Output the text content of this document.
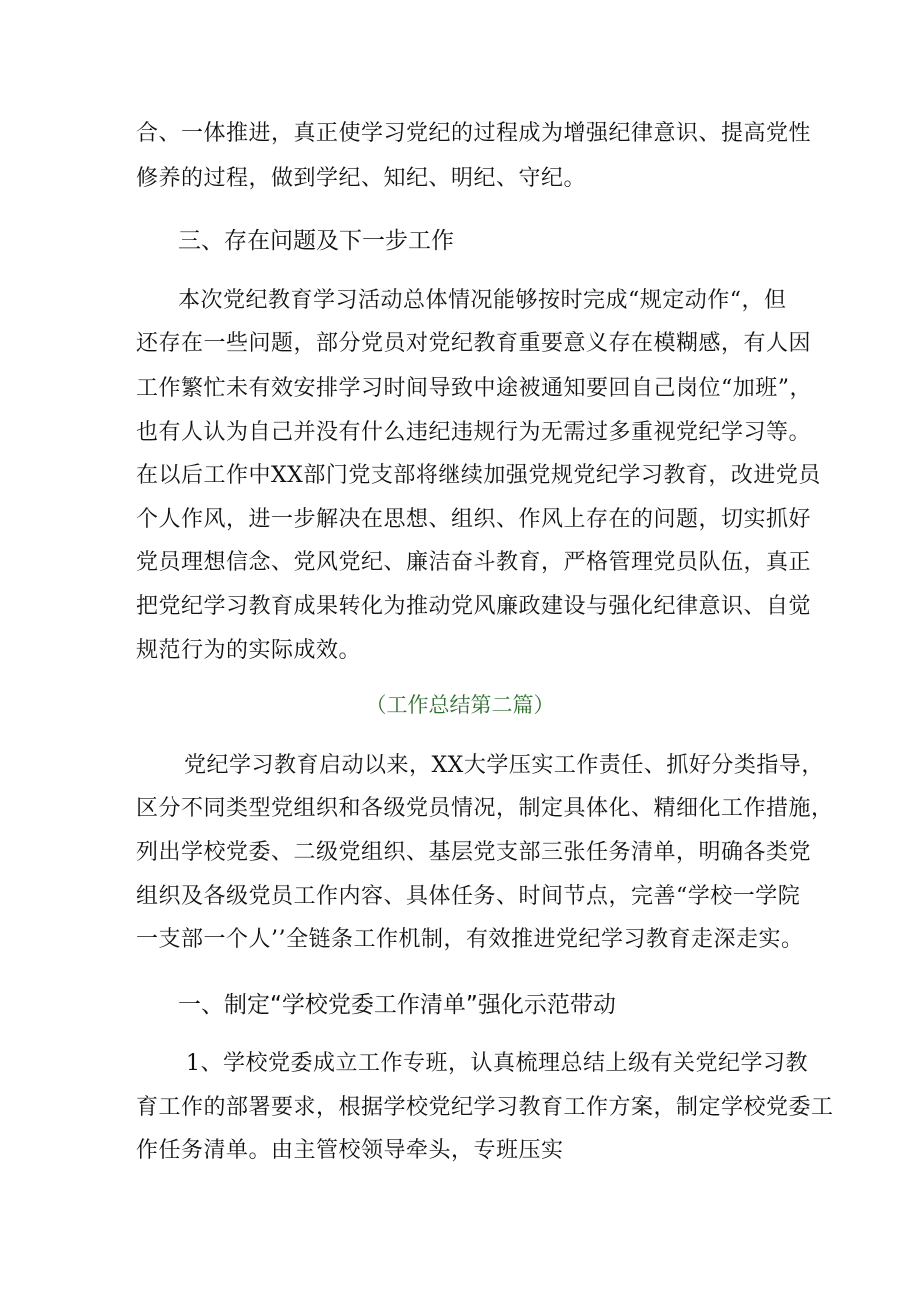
合、一体推进，真正使学习党纪的过程成为增强纪律意识、提高党性
修养的过程，做到学纪、知纪、明纪、守纪。
三、存在问题及下一步工作
本次党纪教育学习活动总体情况能够按时完成“规定动作“，但
还存在一些问题，部分党员对党纪教育重要意义存在模糊感，有人因
工作繁忙未有效安排学习时间导致中途被通知要回自己岗位“加班”，
也有人认为自己并没有什么违纪违规行为无需过多重视党纪学习等。
在以后工作中XX部门党支部将继续加强党规党纪学习教育，改进党员
个人作风，进一步解决在思想、组织、作风上存在的问题，切实抓好
党员理想信念、党风党纪、廉洁奋斗教育，严格管理党员队伍，真正
把党纪学习教育成果转化为推动党风廉政建设与强化纪律意识、自觉
规范行为的实际成效。
（工作总结第二篇）
党纪学习教育启动以来，XX大学压实工作责任、抓好分类指导，
区分不同类型党组织和各级党员情况，制定具体化、精细化工作措施，
列出学校党委、二级党组织、基层党支部三张任务清单，明确各类党
组织及各级党员工作内容、具体任务、时间节点，完善“学校一学院
一支部一个人’’全链条工作机制，有效推进党纪学习教育走深走实。
一、制定“学校党委工作清单”强化示范带动
1、学校党委成立工作专班，认真梳理总结上级有关党纪学习教
育工作的部署要求，根据学校党纪学习教育工作方案，制定学校党委工
作任务清单。由主管校领导牵头，专班压实
